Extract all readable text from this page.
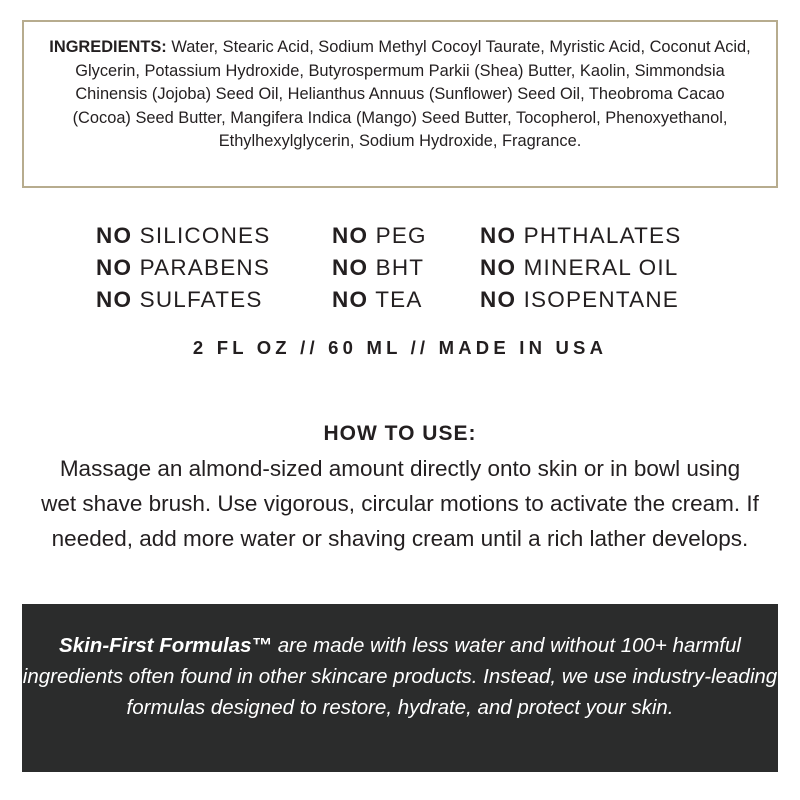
INGREDIENTS: Water, Stearic Acid, Sodium Methyl Cocoyl Taurate, Myristic Acid, Coconut Acid, Glycerin, Potassium Hydroxide, Butyrospermum Parkii (Shea) Butter, Kaolin, Simmondsia Chinensis (Jojoba) Seed Oil, Helianthus Annuus (Sunflower) Seed Oil, Theobroma Cacao (Cocoa) Seed Butter, Mangifera Indica (Mango) Seed Butter, Tocopherol, Phenoxyethanol, Ethylhexylglycerin, Sodium Hydroxide, Fragrance.

NO SILICONES
NO PARABENS
NO SULFATES
NO PEG
NO BHT
NO TEA
NO PHTHALATES
NO MINERAL OIL
NO ISOPENTANE
2 FL OZ // 60 ML // MADE IN USA
HOW TO USE:

Massage an almond-sized amount directly onto skin or in bowl using wet shave brush. Use vigorous, circular motions to activate the cream. If needed, add more water or shaving cream until a rich lather develops.

Skin-First Formulas™ are made with less water and without 100+ harmful ingredients often found in other skincare products. Instead, we use industry-leading formulas designed to restore, hydrate, and protect your skin.
